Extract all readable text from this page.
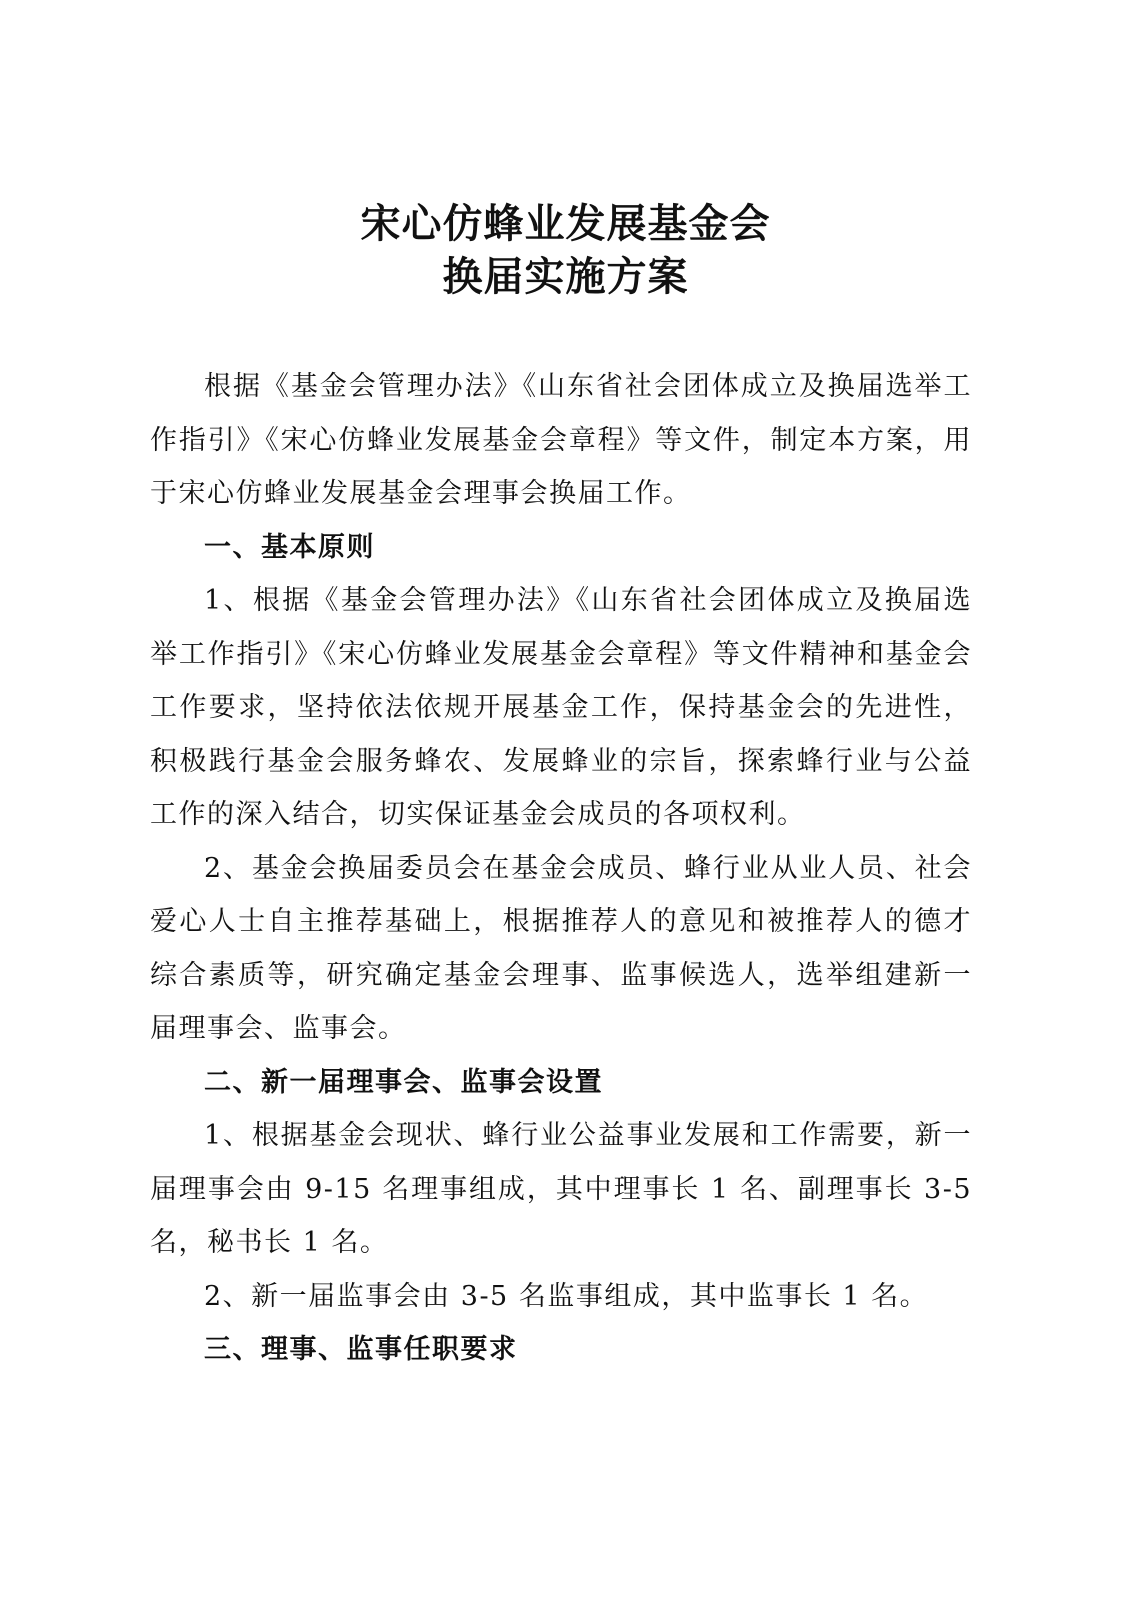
宋心仿蜂业发展基金会
换届实施方案

根据《基金会管理办法》《山东省社会团体成立及换届选举工作指引》《宋心仿蜂业发展基金会章程》等文件，制定本方案，用于宋心仿蜂业发展基金会理事会换届工作。

一、基本原则

1、根据《基金会管理办法》《山东省社会团体成立及换届选举工作指引》《宋心仿蜂业发展基金会章程》等文件精神和基金会工作要求，坚持依法依规开展基金工作，保持基金会的先进性，积极践行基金会服务蜂农、发展蜂业的宗旨，探索蜂行业与公益工作的深入结合，切实保证基金会成员的各项权利。

2、基金会换届委员会在基金会成员、蜂行业从业人员、社会爱心人士自主推荐基础上，根据推荐人的意见和被推荐人的德才综合素质等，研究确定基金会理事、监事候选人，选举组建新一届理事会、监事会。

二、新一届理事会、监事会设置

1、根据基金会现状、蜂行业公益事业发展和工作需要，新一届理事会由 9-15 名理事组成，其中理事长 1 名、副理事长 3-5 名，秘书长 1 名。

2、新一届监事会由 3-5 名监事组成，其中监事长 1 名。

三、理事、监事任职要求
